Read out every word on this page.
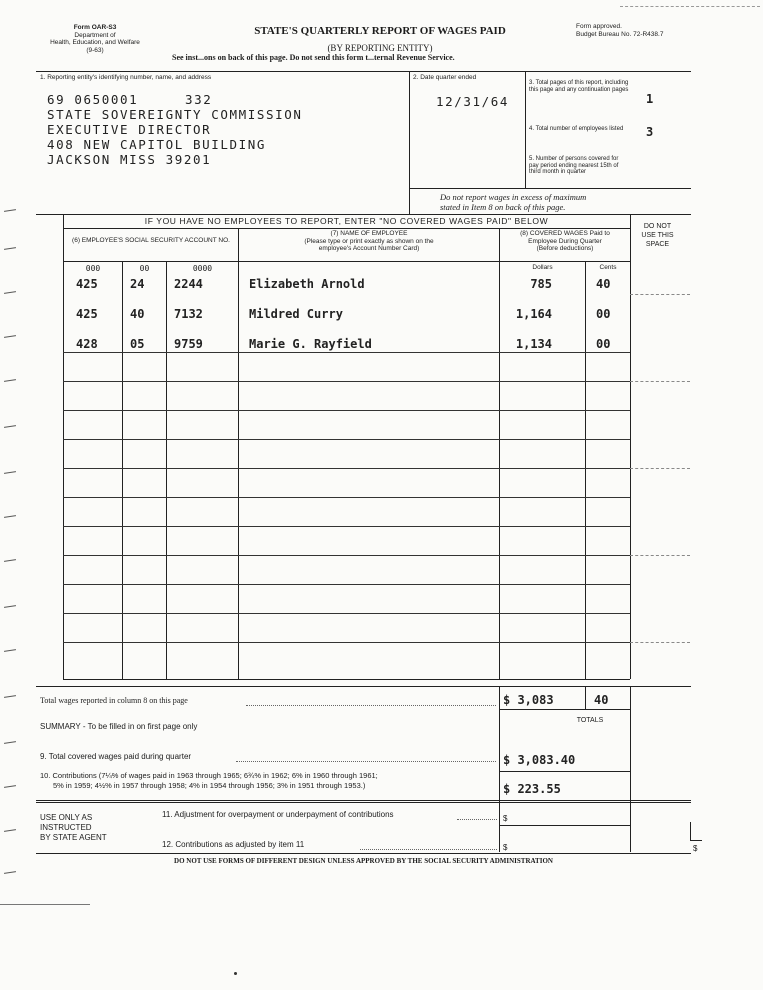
Form OAR-S3
Department of
Health, Education, and Welfare
(9-63)
STATE'S QUARTERLY REPORT OF WAGES PAID
(BY REPORTING ENTITY)
See inst...ons on back of this page. Do not send this form t...ternal Revenue Service.
Form approved.
Budget Bureau No. 72-R438.7
1. Reporting entity's identifying number, name, and address
69 0650001	332
STATE SOVEREIGNTY COMMISSION
EXECUTIVE DIRECTOR
408 NEW CAPITOL BUILDING
JACKSON MISS 39201
2. Date quarter ended
12/31/64
3. Total pages of this report, including this page and any continuation pages
1
4. Total number of employees listed	3
5. Number of persons covered for pay period ending nearest 15th of third month in quarter
Do not report wages in excess of maximum
stated in Item 8 on back of this page.
IF YOU HAVE NO EMPLOYEES TO REPORT, ENTER "NO COVERED WAGES PAID" BELOW
DO NOT
USE THIS
SPACE
(6) EMPLOYEE'S SOCIAL SECURITY ACCOUNT NO.
(7) NAME OF EMPLOYEE
(Please type or print exactly as shown on the
employee's Account Number Card)
(8) COVERED WAGES Paid to
Employee During Quarter
(Before deductions)
000	00	0000	Dollars	Cents
425	24 2244	Elizabeth Arnold	785	40
425	40 7132	Mildred Curry	1,164	00
428	05 9759	Marie G. Rayfield	1,134	00
Total wages reported in column 8 on this page	$ 3,083	40
TOTALS
SUMMARY - To be filled in on first page only
9. Total covered wages paid during quarter	$ 3,083.40
10. Contributions (7¼% of wages paid in 1963 through 1965; 6¾% in 1962; 6% in 1960 through 1961;
5% in 1959; 4½% in 1957 through 1958; 4% in 1954 through 1956; 3% in 1951 through 1953.)	$ 223.55
USE ONLY AS
INSTRUCTED
BY STATE AGENT
11. Adjustment for overpayment or underpayment of contributions	$
12. Contributions as adjusted by item 11	$
DO NOT USE FORMS OF DIFFERENT DESIGN UNLESS APPROVED BY THE SOCIAL SECURITY ADMINISTRATION
$
